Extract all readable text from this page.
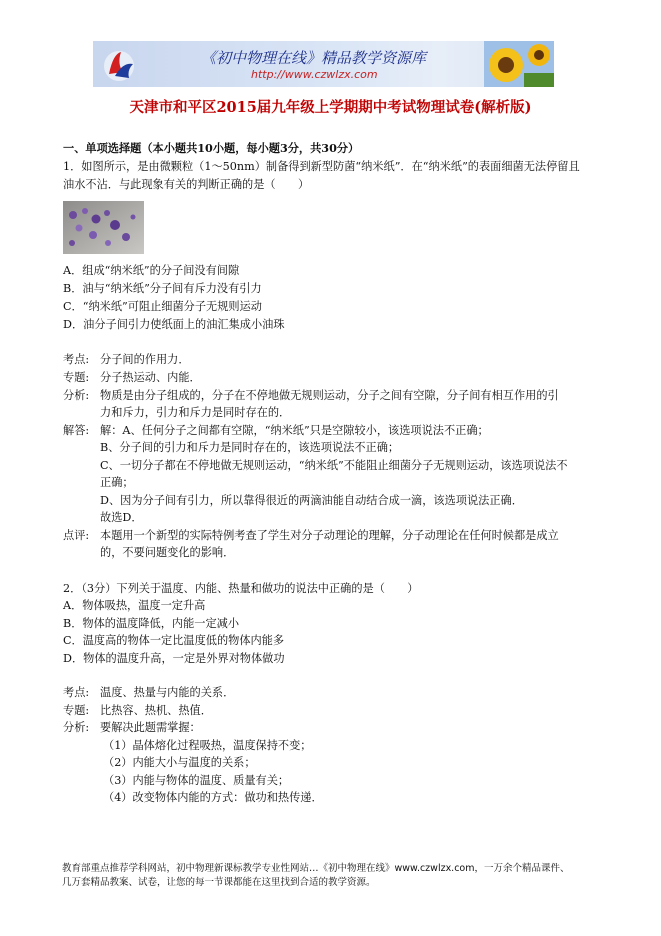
《初中物理在线》精品教学资源库
http://www.czwlzx.com
天津市和平区2015届九年级上学期期中考试物理试卷(解析版)
一、单项选择题（本小题共10小题，每小题3分，共30分）
1．如图所示，是由微颗粒（1～50nm）制备得到新型防菌“纳米纸”．在“纳米纸”的表面细菌无法停留且
油水不沾．与此现象有关的判断正确的是（　　）
A．组成“纳米纸”的分子间没有间隙
B．油与“纳米纸”分子间有斥力没有引力
C．“纳米纸”可阻止细菌分子无规则运动
D．油分子间引力使纸面上的油汇集成小油珠
考点: 分子间的作用力．
专题: 分子热运动、内能．
分析: 物质是由分子组成的，分子在不停地做无规则运动，分子之间有空隙，分子间有相互作用的引
力和斥力，引力和斥力是同时存在的．
解答: 解：A、任何分子之间都有空隙，“纳米纸”只是空隙较小，该选项说法不正确；
B、分子间的引力和斥力是同时存在的，该选项说法不正确；
C、一切分子都在不停地做无规则运动，“纳米纸”不能阻止细菌分子无规则运动，该选项说法不
正确；
D、因为分子间有引力，所以靠得很近的两滴油能自动结合成一滴，该选项说法正确．
故选D．
点评: 本题用一个新型的实际特例考查了学生对分子动理论的理解，分子动理论在任何时候都是成立
的，不要问题变化的影响．
2．（3分）下列关于温度、内能、热量和做功的说法中正确的是（　　）
A．物体吸热，温度一定升高
B．物体的温度降低，内能一定减小
C．温度高的物体一定比温度低的物体内能多
D．物体的温度升高，一定是外界对物体做功
考点: 温度、热量与内能的关系．
专题: 比热容、热机、热值．
分析: 要解决此题需掌握：
（1）晶体熔化过程吸热，温度保持不变；
（2）内能大小与温度的关系；
（3）内能与物体的温度、质量有关；
（4）改变物体内能的方式：做功和热传递．
教育部重点推荐学科网站，初中物理新课标教学专业性网站…《初中物理在线》www.czwlzx.com，一万余个精品课件、
几万套精品教案、试卷，让您的每一节课都能在这里找到合适的教学资源。
